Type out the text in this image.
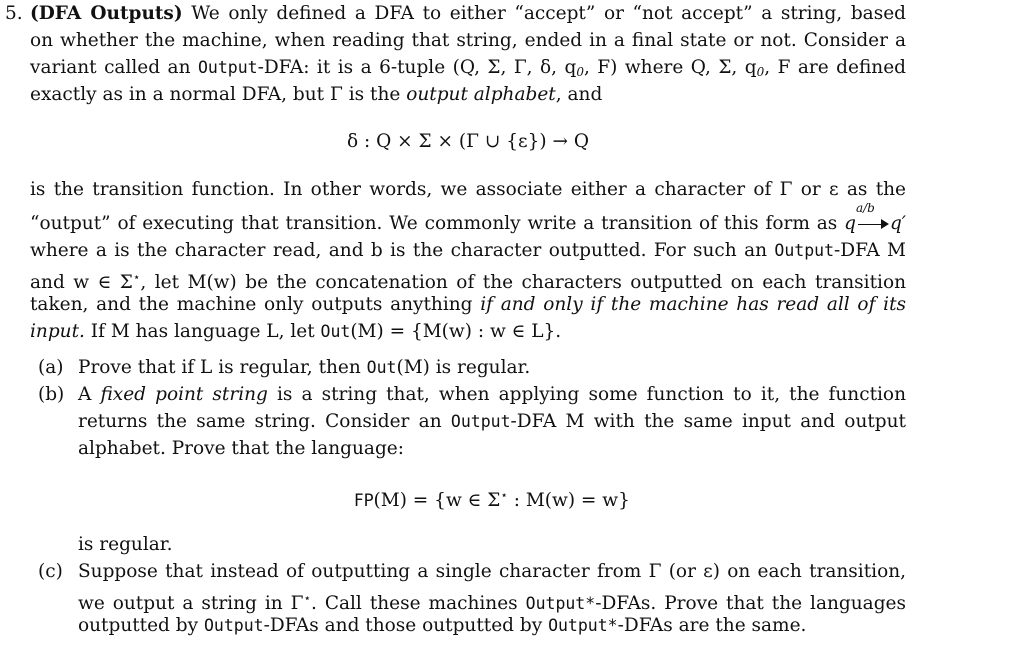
5. (DFA Outputs) We only defined a DFA to either “accept” or “not accept” a string, based
on whether the machine, when reading that string, ended in a final state or not. Consider a
variant called an Output-DFA: it is a 6-tuple (Q, Σ, Γ, δ, $q_0$, F) where Q, Σ, $q_0$, F are defined
exactly as in a normal DFA, but Γ is the output alphabet, and
δ : Q × Σ × (Γ ∪ {ε}) → Q
is the transition function. In other words, we associate either a character of Γ or ε as the
“output” of executing that transition. We commonly write a transition of this form as q
a/b
q′
where a is the character read, and b is the character outputted. For such an Output-DFA M
and w ∈ Σ⋆, let M(w) be the concatenation of the characters outputted on each transition
taken, and the machine only outputs anything if and only if the machine has read all of its
input. If M has language L, let Out(M) = {M(w) : w ∈ L}.
(a) Prove that if L is regular, then Out(M) is regular.
(b) A fixed point string is a string that, when applying some function to it, the function
returns the same string. Consider an Output-DFA M with the same input and output
alphabet. Prove that the language:
FP(M) = {w ∈ Σ⋆ : M(w) = w}
is regular.
(c) Suppose that instead of outputting a single character from Γ (or ε) on each transition,
we output a string in Γ⋆. Call these machines Output*-DFAs. Prove that the languages
outputted by Output-DFAs and those outputted by Output*-DFAs are the same.
